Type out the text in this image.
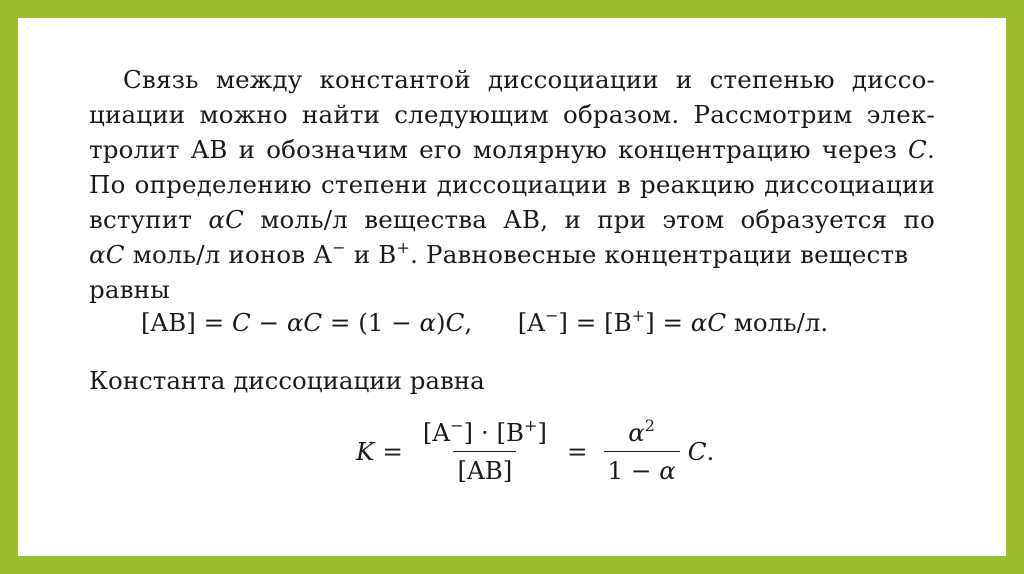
Связь между константой диссоциации и степенью диссо-
циации можно найти следующим образом. Рассмотрим элек-
тролит АВ и обозначим его молярную концентрацию через C.
По определению степени диссоциации в реакцию диссоциации
вступит αC моль/л вещества АВ, и при этом образуется по
αC моль/л ионов А− и В+. Равновесные концентрации веществ
равны
[AB] = C − αC = (1 − α)C, [A−] = [B+] = αC моль/л.
Константа диссоциации равна
$K = \frac{[A^-] \cdot [B^+]}{[AB]} = \frac{\alpha^2}{1 - \alpha}$ C .
